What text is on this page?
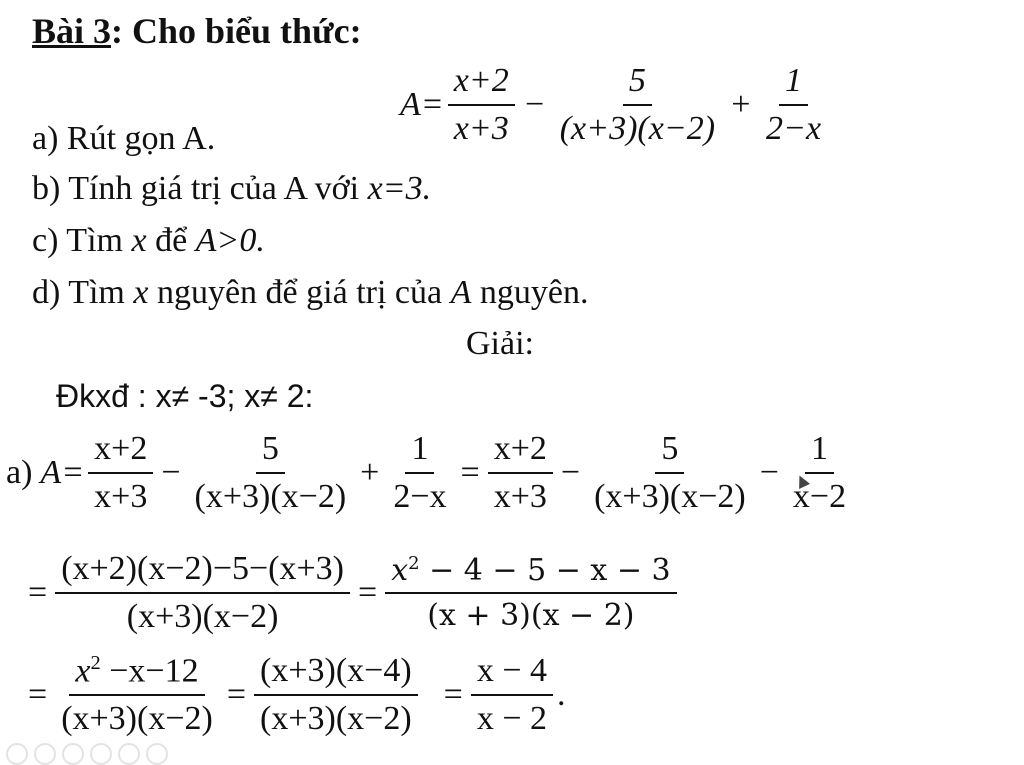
Bài 3: Cho biểu thức:
$A= \frac{x+2}{x+3} - \frac{5}{(x+3)(x-2)} + \frac{1}{2-x}$
a) Rút gọn A.
b) Tính giá trị của A với x=3.
c) Tìm x để A>0.
d) Tìm x nguyên để giá trị của A nguyên.
Giải:
Đkxđ : x≠ -3; x≠ 2:
a) $A= \frac{x+2}{x+3} - \frac{5}{(x+3)(x-2)} + \frac{1}{2-x} = \frac{x+2}{x+3} - \frac{5}{(x+3)(x-2)} - \frac{1}{x-2}$
= $\frac{(x+2)(x-2)-5-(x+3)}{(x+3)(x-2)} = \frac{x^2 - 4 - 5 - x - 3}{(x + 3)(x - 2)}$
= $\frac{x^2 -x-12}{(x+3)(x-2)} = \frac{(x+3)(x-4)}{(x+3)(x-2)} = \frac{x - 4}{x - 2}$ .
